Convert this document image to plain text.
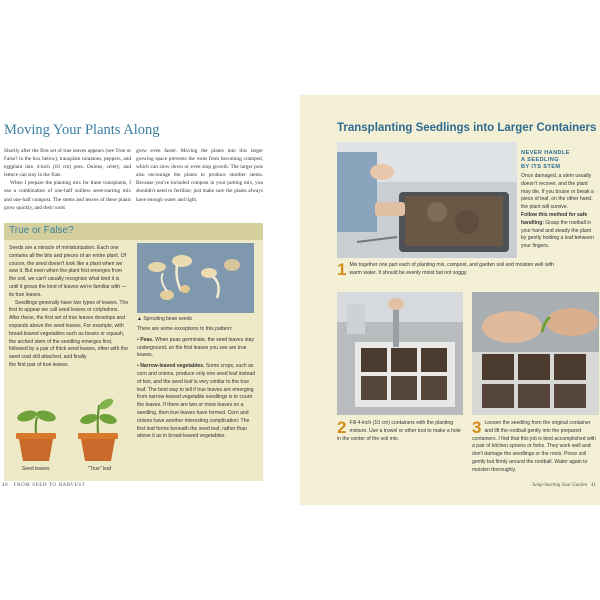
Moving Your Plants Along

Shortly after the first set of true leaves appears (see True or False? in the box below), transplant tomatoes, peppers, and eggplant into 4-inch (10 cm) pots. Onions, celery, and lettuce can stay in the flats.

When I prepare the planting mix for these transplants, I use a combination of one-half soilless seed-starting mix and one-half compost. The stems and leaves of these plants grow quickly, and their roots

grow even faster. Moving the plants into this larger growing space prevents the roots from becoming cramped, which can slow down or even stop growth. The larger pots also encourage the plants to produce sturdier stems. Because you've included compost in your potting mix, you shouldn't need to fertilize; just make sure the plants always have enough water and light.

True or False?

Seeds are a miracle of miniaturization. Each one contains all the bits and pieces of an entire plant. Of course, the seed doesn't look like a plant when we sow it. But even when the plant first emerges from the soil, we can't usually recognize what kind it is until it grows the kind of leaves we're familiar with — its true leaves.

Seedlings generally have two types of leaves. The first to appear we call seed leaves or cotyledons. After these, the first set of true leaves develops and expands above the seed leaves. For example, with broad-leaved vegetables such as beans or squash, the arched stem of the seedling emerges first, followed by a pair of thick seed leaves, often with the seed coat still attached, and finally

the first pair of true leaves.

▲ Sprouting bean seeds

There are some exceptions to this pattern:

• Peas. When peas germinate, the seed leaves stay underground, so the first leaves you see are true leaves.

• Narrow-leaved vegetables. Some crops, such as corn and onions, produce only one seed leaf instead of two, and the seed leaf is very similar to the true leaf. The best way to tell if true leaves are emerging from narrow-leaved vegetable seedlings is to count the leaves. If there are two or more leaves on a seedling, then true leaves have formed. Corn and onions have another interesting complication: The first leaf forms beneath the seed leaf, rather than above it as in broad-leaved vegetables.

Seed leaves	"True" leaf
40 FROM SEED TO HARVEST
Transplanting Seedlings into Larger Containers
NEVER HANDLE
A SEEDLING
BY ITS STEM

Once damaged, a stem usually doesn't recover, and the plant may die. If you bruise or break a piece of leaf, on the other hand, the plant will survive.

Follow this method for safe handling: Grasp the rootball in your hand and steady the plant by gently holding a leaf between your fingers.

1 Mix together one part each of planting mix, compost, and garden soil and moisten well with warm water. It should be evenly moist but not soggy.
2 Fill 4-inch (10 cm) containers with the planting mixture. Use a trowel or other tool to make a hole in the center of the soil mix.
3 Loosen the seedling from the original container and lift the rootball gently into the prepared containers. I find that this job is best accomplished with a pair of kitchen spoons or forks. They work well and don't damage the seedlings or the roots. Press soil gently but firmly around the rootball. Water again to moisten thoroughly.
Jump-Starting Your Garden 41
